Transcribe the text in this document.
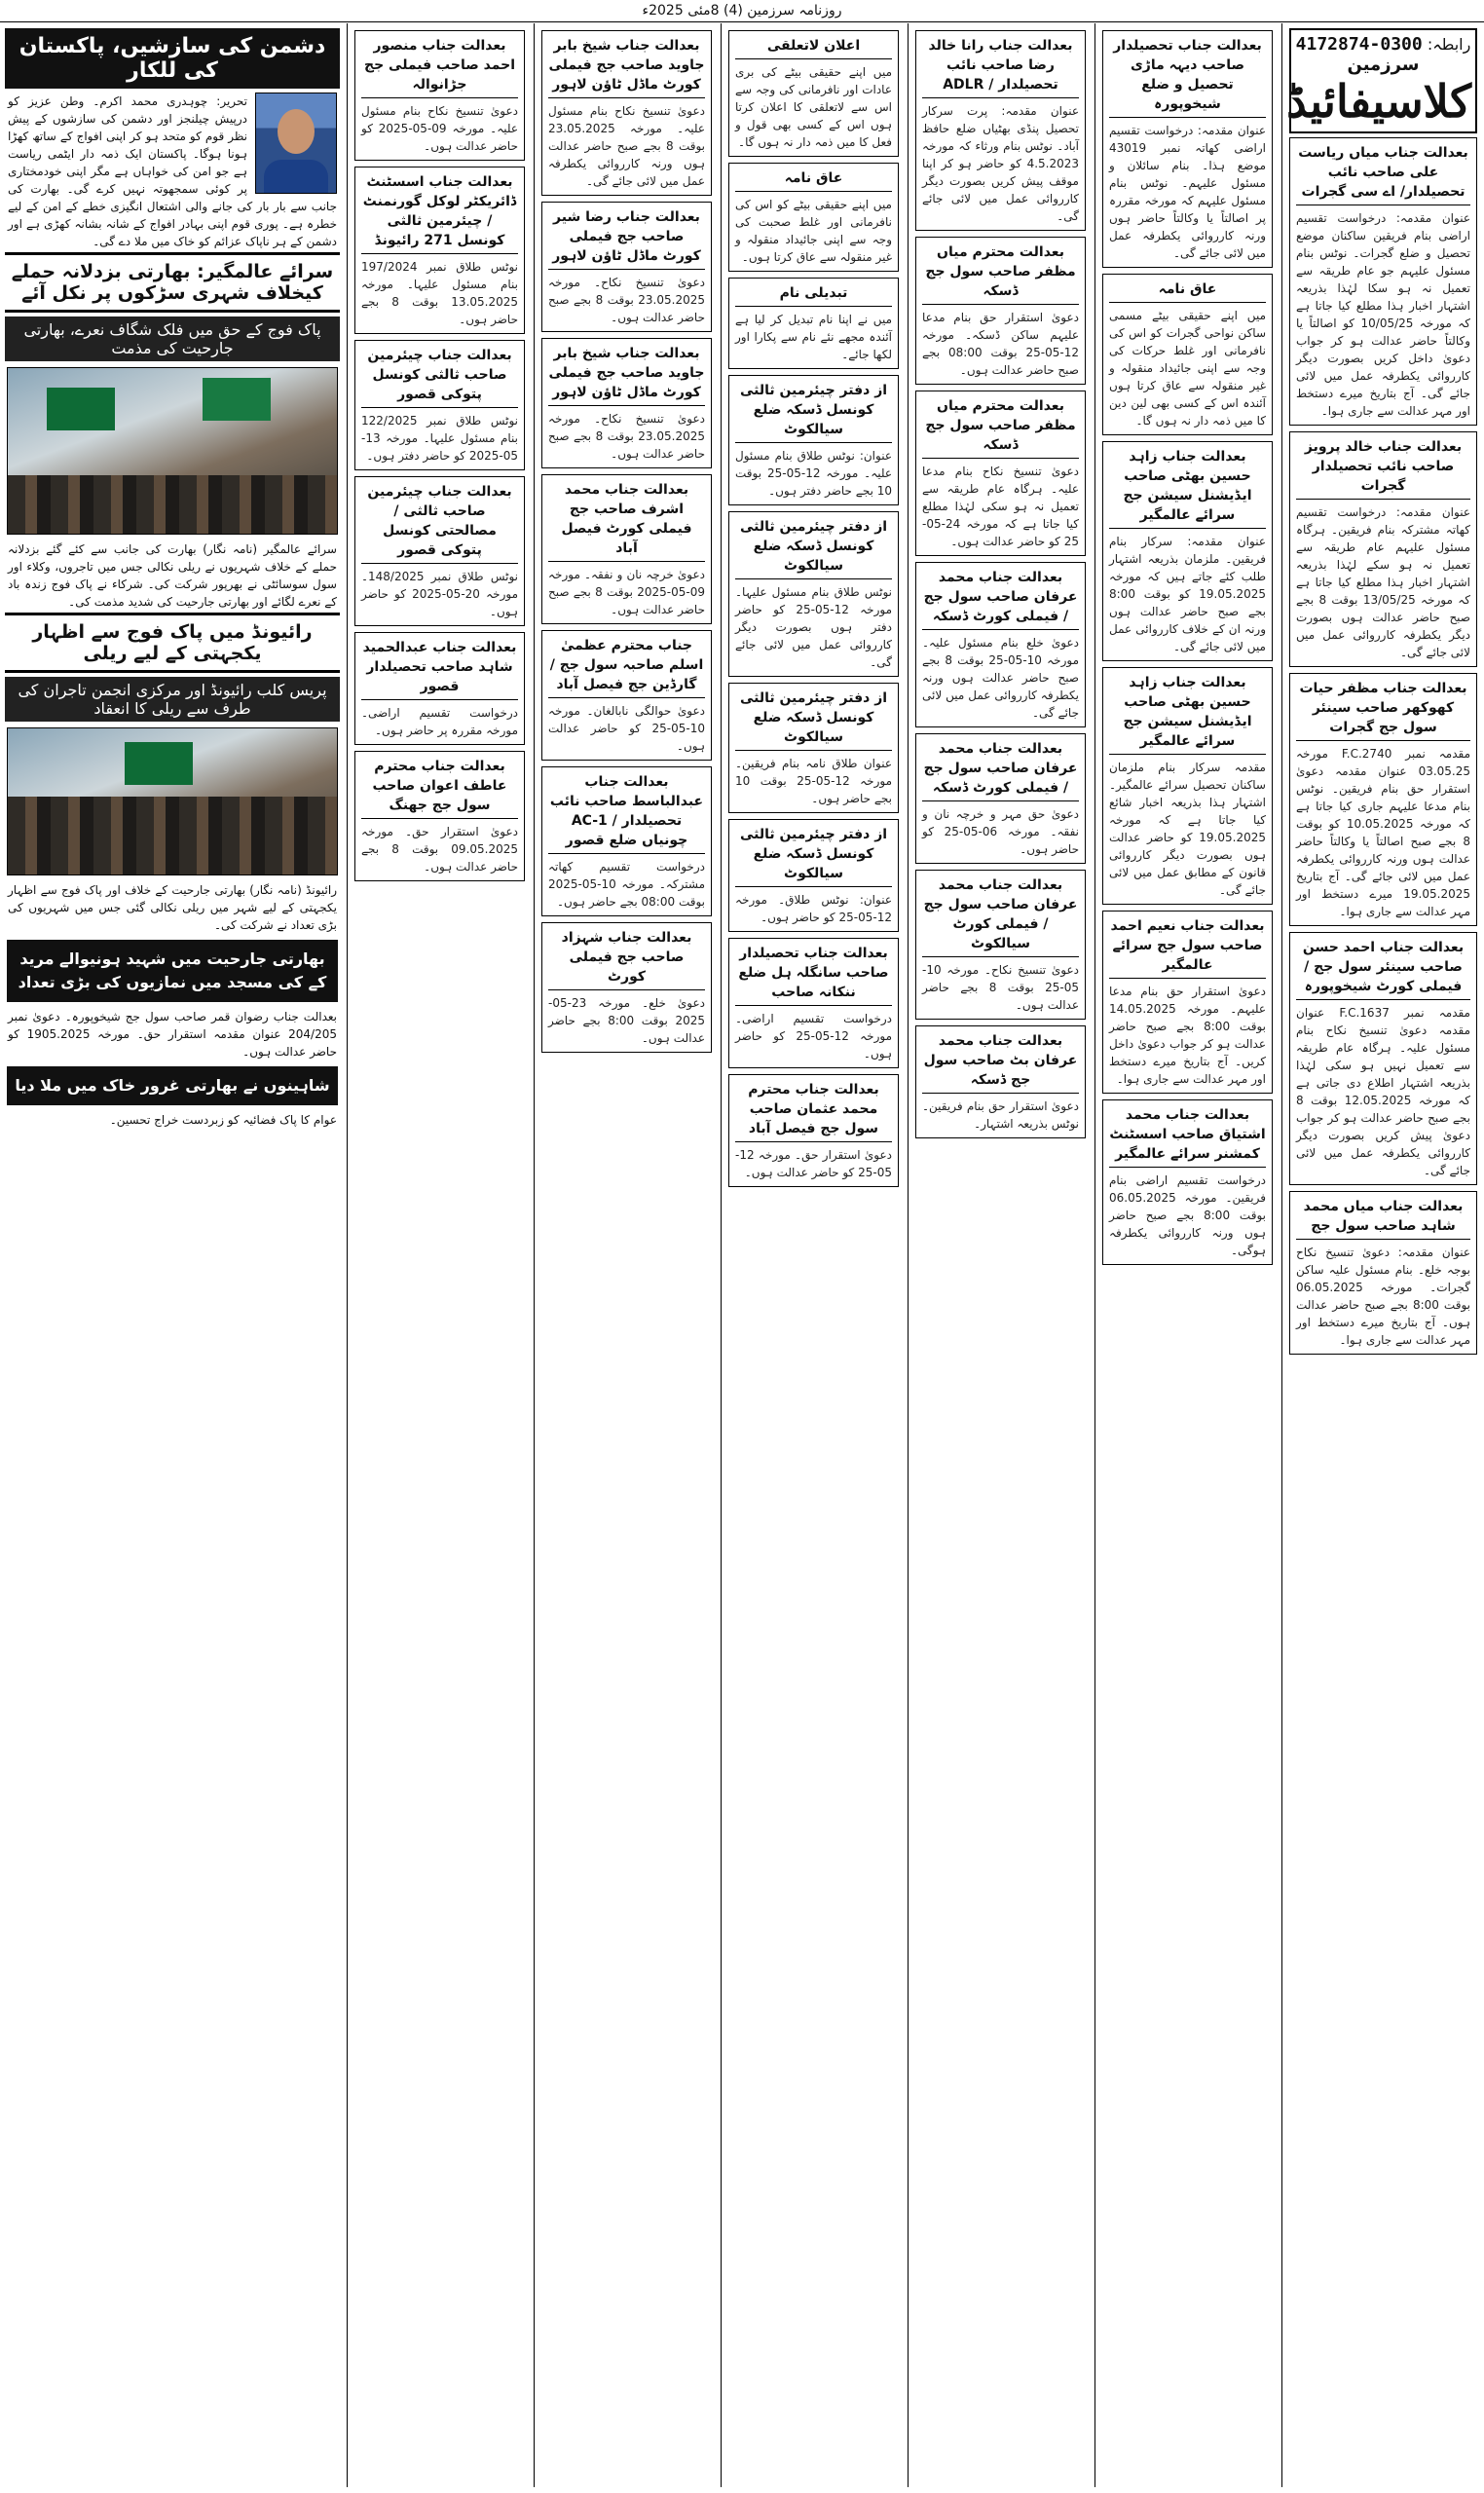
روزنامہ سرزمین (4) 8مئی 2025ء
رابطہ: 0300-4172874
سرزمین
کلاسیفائیڈ
بعدالت جناب میاں ریاست علی صاحب نائب تحصیلدار/ اے سی گجرات
عنوان مقدمہ: درخواست تقسیم اراضی بنام فریقین ساکنان موضع تحصیل و ضلع گجرات۔ نوٹس بنام مسئول علیہم جو عام طریقہ سے تعمیل نہ ہو سکا لہٰذا بذریعہ اشتہار اخبار ہذا مطلع کیا جاتا ہے کہ مورخہ 10/05/25 کو اصالتاً یا وکالتاً حاضر عدالت ہو کر جواب دعویٰ داخل کریں بصورت دیگر کارروائی یکطرفہ عمل میں لائی جائے گی۔ آج بتاریخ میرے دستخط اور مہر عدالت سے جاری ہوا۔
بعدالت جناب خالد پرویز صاحب نائب تحصیلدار گجرات
عنوان مقدمہ: درخواست تقسیم کھاتہ مشترکہ بنام فریقین۔ ہرگاہ مسئول علیہم عام طریقہ سے تعمیل نہ ہو سکے لہٰذا بذریعہ اشتہار اخبار ہذا مطلع کیا جاتا ہے کہ مورخہ 13/05/25 بوقت 8 بجے صبح حاضر عدالت ہوں بصورت دیگر یکطرفہ کارروائی عمل میں لائی جائے گی۔
بعدالت جناب مظفر حیات کھوکھر صاحب سینئر سول جج گجرات
مقدمہ نمبر F.C.2740 مورخہ 03.05.25 عنوان مقدمہ دعویٰ استقرار حق بنام فریقین۔ نوٹس بنام مدعا علیہم جاری کیا جاتا ہے کہ مورخہ 10.05.2025 کو بوقت 8 بجے صبح اصالتاً یا وکالتاً حاضر عدالت ہوں ورنہ کارروائی یکطرفہ عمل میں لائی جائے گی۔ آج بتاریخ 19.05.2025 میرے دستخط اور مہر عدالت سے جاری ہوا۔
بعدالت جناب احمد حسن صاحب سینئر سول جج / فیملی کورٹ شیخوپورہ
مقدمہ نمبر F.C.1637 عنوان مقدمہ دعویٰ تنسیخ نکاح بنام مسئول علیہ۔ ہرگاہ عام طریقہ سے تعمیل نہیں ہو سکی لہٰذا بذریعہ اشتہار اطلاع دی جاتی ہے کہ مورخہ 12.05.2025 بوقت 8 بجے صبح حاضر عدالت ہو کر جواب دعویٰ پیش کریں بصورت دیگر کارروائی یکطرفہ عمل میں لائی جائے گی۔
بعدالت جناب میاں محمد شاہد صاحب سول جج
عنوان مقدمہ: دعویٰ تنسیخ نکاح بوجہ خلع۔ بنام مسئول علیہ ساکن گجرات۔ مورخہ 06.05.2025 بوقت 8:00 بجے صبح حاضر عدالت ہوں۔ آج بتاریخ میرے دستخط اور مہر عدالت سے جاری ہوا۔
بعدالت جناب تحصیلدار صاحب دیہہ ماڑی تحصیل و ضلع شیخوپورہ
عنوان مقدمہ: درخواست تقسیم اراضی کھاتہ نمبر 43019 موضع ہذا۔ بنام سائلان و مسئول علیہم۔ نوٹس بنام مسئول علیہم کہ مورخہ مقررہ پر اصالتاً یا وکالتاً حاضر ہوں ورنہ کارروائی یکطرفہ عمل میں لائی جائے گی۔
عاق نامہ
میں اپنے حقیقی بیٹے مسمی ساکن نواحی گجرات کو اس کی نافرمانی اور غلط حرکات کی وجہ سے اپنی جائیداد منقولہ و غیر منقولہ سے عاق کرتا ہوں آئندہ اس کے کسی بھی لین دین کا میں ذمہ دار نہ ہوں گا۔
بعدالت جناب زاہد حسین بھٹی صاحب ایڈیشنل سیشن جج سرائے عالمگیر
عنوان مقدمہ: سرکار بنام فریقین۔ ملزمان بذریعہ اشتہار طلب کئے جاتے ہیں کہ مورخہ 19.05.2025 کو بوقت 8:00 بجے صبح حاضر عدالت ہوں ورنہ ان کے خلاف کارروائی عمل میں لائی جائے گی۔
بعدالت جناب زاہد حسین بھٹی صاحب ایڈیشنل سیشن جج سرائے عالمگیر
مقدمہ سرکار بنام ملزمان ساکنان تحصیل سرائے عالمگیر۔ اشتہار ہذا بذریعہ اخبار شائع کیا جاتا ہے کہ مورخہ 19.05.2025 کو حاضر عدالت ہوں بصورت دیگر کارروائی قانون کے مطابق عمل میں لائی جائے گی۔
بعدالت جناب نعیم احمد صاحب سول جج سرائے عالمگیر
دعویٰ استقرار حق بنام مدعا علیہم۔ مورخہ 14.05.2025 بوقت 8:00 بجے صبح حاضر عدالت ہو کر جواب دعویٰ داخل کریں۔ آج بتاریخ میرے دستخط اور مہر عدالت سے جاری ہوا۔
بعدالت جناب محمد اشتیاق صاحب اسسٹنٹ کمشنر سرائے عالمگیر
درخواست تقسیم اراضی بنام فریقین۔ مورخہ 06.05.2025 بوقت 8:00 بجے صبح حاضر ہوں ورنہ کارروائی یکطرفہ ہوگی۔
بعدالت جناب رانا خالد رضا صاحب نائب تحصیلدار / ADLR
عنوان مقدمہ: پرت سرکار تحصیل پنڈی بھٹیاں ضلع حافظ آباد۔ نوٹس بنام ورثاء کہ مورخہ 4.5.2023 کو حاضر ہو کر اپنا موقف پیش کریں بصورت دیگر کارروائی عمل میں لائی جائے گی۔
بعدالت محترم میاں مظفر صاحب سول جج ڈسکہ
دعویٰ استقرار حق بنام مدعا علیہم ساکن ڈسکہ۔ مورخہ 12-05-25 بوقت 08:00 بجے صبح حاضر عدالت ہوں۔
بعدالت محترم میاں مظفر صاحب سول جج ڈسکہ
دعویٰ تنسیخ نکاح بنام مدعا علیہ۔ ہرگاہ عام طریقہ سے تعمیل نہ ہو سکی لہٰذا مطلع کیا جاتا ہے کہ مورخہ 24-05-25 کو حاضر عدالت ہوں۔
بعدالت جناب محمد عرفان صاحب سول جج / فیملی کورٹ ڈسکہ
دعویٰ خلع بنام مسئول علیہ۔ مورخہ 10-05-25 بوقت 8 بجے صبح حاضر عدالت ہوں ورنہ یکطرفہ کارروائی عمل میں لائی جائے گی۔
بعدالت جناب محمد عرفان صاحب سول جج / فیملی کورٹ ڈسکہ
دعویٰ حق مہر و خرچہ نان و نفقہ۔ مورخہ 06-05-25 کو حاضر ہوں۔
بعدالت جناب محمد عرفان صاحب سول جج / فیملی کورٹ سیالکوٹ
دعویٰ تنسیخ نکاح۔ مورخہ 10-05-25 بوقت 8 بجے حاضر عدالت ہوں۔
بعدالت جناب محمد عرفان بٹ صاحب سول جج ڈسکہ
دعویٰ استقرار حق بنام فریقین۔ نوٹس بذریعہ اشتہار۔
اعلان لاتعلقی
میں اپنے حقیقی بیٹے کی بری عادات اور نافرمانی کی وجہ سے اس سے لاتعلقی کا اعلان کرتا ہوں اس کے کسی بھی قول و فعل کا میں ذمہ دار نہ ہوں گا۔
عاق نامہ
میں اپنے حقیقی بیٹے کو اس کی نافرمانی اور غلط صحبت کی وجہ سے اپنی جائیداد منقولہ و غیر منقولہ سے عاق کرتا ہوں۔
تبدیلی نام
میں نے اپنا نام تبدیل کر لیا ہے آئندہ مجھے نئے نام سے پکارا اور لکھا جائے۔
از دفتر چیئرمین ثالثی کونسل ڈسکہ ضلع سیالکوٹ
عنوان: نوٹس طلاق بنام مسئول علیہ۔ مورخہ 12-05-25 بوقت 10 بجے حاضر دفتر ہوں۔
از دفتر چیئرمین ثالثی کونسل ڈسکہ ضلع سیالکوٹ
نوٹس طلاق بنام مسئول علیہا۔ مورخہ 12-05-25 کو حاضر دفتر ہوں بصورت دیگر کارروائی عمل میں لائی جائے گی۔
از دفتر چیئرمین ثالثی کونسل ڈسکہ ضلع سیالکوٹ
عنوان طلاق نامہ بنام فریقین۔ مورخہ 12-05-25 بوقت 10 بجے حاضر ہوں۔
از دفتر چیئرمین ثالثی کونسل ڈسکہ ضلع سیالکوٹ
عنوان: نوٹس طلاق۔ مورخہ 12-05-25 کو حاضر ہوں۔
بعدالت جناب تحصیلدار صاحب سانگلہ ہل ضلع ننکانہ صاحب
درخواست تقسیم اراضی۔ مورخہ 12-05-25 کو حاضر ہوں۔
بعدالت جناب محترم محمد عثمان صاحب سول جج فیصل آباد
دعویٰ استقرار حق۔ مورخہ 12-05-25 کو حاضر عدالت ہوں۔
بعدالت جناب شیخ بابر جاوید صاحب جج فیملی کورٹ ماڈل ٹاؤن لاہور
دعویٰ تنسیخ نکاح بنام مسئول علیہ۔ مورخہ 23.05.2025 بوقت 8 بجے صبح حاضر عدالت ہوں ورنہ کارروائی یکطرفہ عمل میں لائی جائے گی۔
بعدالت جناب رضا شیر صاحب جج فیملی کورٹ ماڈل ٹاؤن لاہور
دعویٰ تنسیخ نکاح۔ مورخہ 23.05.2025 بوقت 8 بجے صبح حاضر عدالت ہوں۔
بعدالت جناب شیخ بابر جاوید صاحب جج فیملی کورٹ ماڈل ٹاؤن لاہور
دعویٰ تنسیخ نکاح۔ مورخہ 23.05.2025 بوقت 8 بجے صبح حاضر عدالت ہوں۔
بعدالت جناب محمد اشرف صاحب جج فیملی کورٹ فیصل آباد
دعویٰ خرچہ نان و نفقہ۔ مورخہ 09-05-2025 بوقت 8 بجے صبح حاضر عدالت ہوں۔
جناب محترم عظمیٰ اسلم صاحبہ سول جج / گارڈین جج فیصل آباد
دعویٰ حوالگی نابالغان۔ مورخہ 10-05-25 کو حاضر عدالت ہوں۔
بعدالت جناب عبدالباسط صاحب نائب تحصیلدار / AC-1 چونیاں ضلع قصور
درخواست تقسیم کھاتہ مشترکہ۔ مورخہ 10-05-2025 بوقت 08:00 بجے حاضر ہوں۔
بعدالت جناب شہزاد صاحب جج فیملی کورٹ
دعویٰ خلع۔ مورخہ 23-05-2025 بوقت 8:00 بجے حاضر عدالت ہوں۔
بعدالت جناب منصور احمد صاحب فیملی جج جڑانوالہ
دعویٰ تنسیخ نکاح بنام مسئول علیہ۔ مورخہ 09-05-2025 کو حاضر عدالت ہوں۔
بعدالت جناب اسسٹنٹ ڈائریکٹر لوکل گورنمنٹ / چیئرمین ثالثی کونسل 271 رائیونڈ
نوٹس طلاق نمبر 197/2024 بنام مسئول علیہا۔ مورخہ 13.05.2025 بوقت 8 بجے حاضر ہوں۔
بعدالت جناب چیئرمین صاحب ثالثی کونسل پتوکی قصور
نوٹس طلاق نمبر 122/2025 بنام مسئول علیہا۔ مورخہ 13-05-2025 کو حاضر دفتر ہوں۔
بعدالت جناب چیئرمین صاحب ثالثی / مصالحتی کونسل پتوکی قصور
نوٹس طلاق نمبر 148/2025۔ مورخہ 20-05-2025 کو حاضر ہوں۔
بعدالت جناب عبدالحمید شاہد صاحب تحصیلدار قصور
درخواست تقسیم اراضی۔ مورخہ مقررہ پر حاضر ہوں۔
بعدالت جناب محترم عاطف اعوان صاحب سول جج جھنگ
دعویٰ استقرار حق۔ مورخہ 09.05.2025 بوقت 8 بجے حاضر عدالت ہوں۔
دشمن کی سازشیں، پاکستان کی للکار
تحریر: چوہدری محمد اکرم۔ وطن عزیز کو درپیش چیلنجز اور دشمن کی سازشوں کے پیش نظر قوم کو متحد ہو کر اپنی افواج کے ساتھ کھڑا ہونا ہوگا۔ پاکستان ایک ذمہ دار ایٹمی ریاست ہے جو امن کی خواہاں ہے مگر اپنی خودمختاری پر کوئی سمجھوتہ نہیں کرے گی۔ بھارت کی جانب سے بار بار کی جانے والی اشتعال انگیزی خطے کے امن کے لیے خطرہ ہے۔ پوری قوم اپنی بہادر افواج کے شانہ بشانہ کھڑی ہے اور دشمن کے ہر ناپاک عزائم کو خاک میں ملا دے گی۔
سرائے عالمگیر: بھارتی بزدلانہ حملے کیخلاف شہری سڑکوں پر نکل آئے
پاک فوج کے حق میں فلک شگاف نعرے، بھارتی جارحیت کی مذمت
سرائے عالمگیر (نامہ نگار) بھارت کی جانب سے کئے گئے بزدلانہ حملے کے خلاف شہریوں نے ریلی نکالی جس میں تاجروں، وکلاء اور سول سوسائٹی نے بھرپور شرکت کی۔ شرکاء نے پاک فوج زندہ باد کے نعرے لگائے اور بھارتی جارحیت کی شدید مذمت کی۔
رائیونڈ میں پاک فوج سے اظہار یکجہتی کے لیے ریلی
پریس کلب رائیونڈ اور مرکزی انجمن تاجران کی طرف سے ریلی کا انعقاد
رائیونڈ (نامہ نگار) بھارتی جارحیت کے خلاف اور پاک فوج سے اظہار یکجہتی کے لیے شہر میں ریلی نکالی گئی جس میں شہریوں کی بڑی تعداد نے شرکت کی۔
بھارتی جارحیت میں شہید ہونیوالے مرید کے کی مسجد میں نمازیوں کی بڑی تعداد
بعدالت جناب رضوان قمر صاحب سول جج شیخوپورہ۔ دعویٰ نمبر 204/205 عنوان مقدمہ استقرار حق۔ مورخہ 1905.2025 کو حاضر عدالت ہوں۔
شاہینوں نے بھارتی غرور خاک میں ملا دیا
عوام کا پاک فضائیہ کو زبردست خراج تحسین۔
